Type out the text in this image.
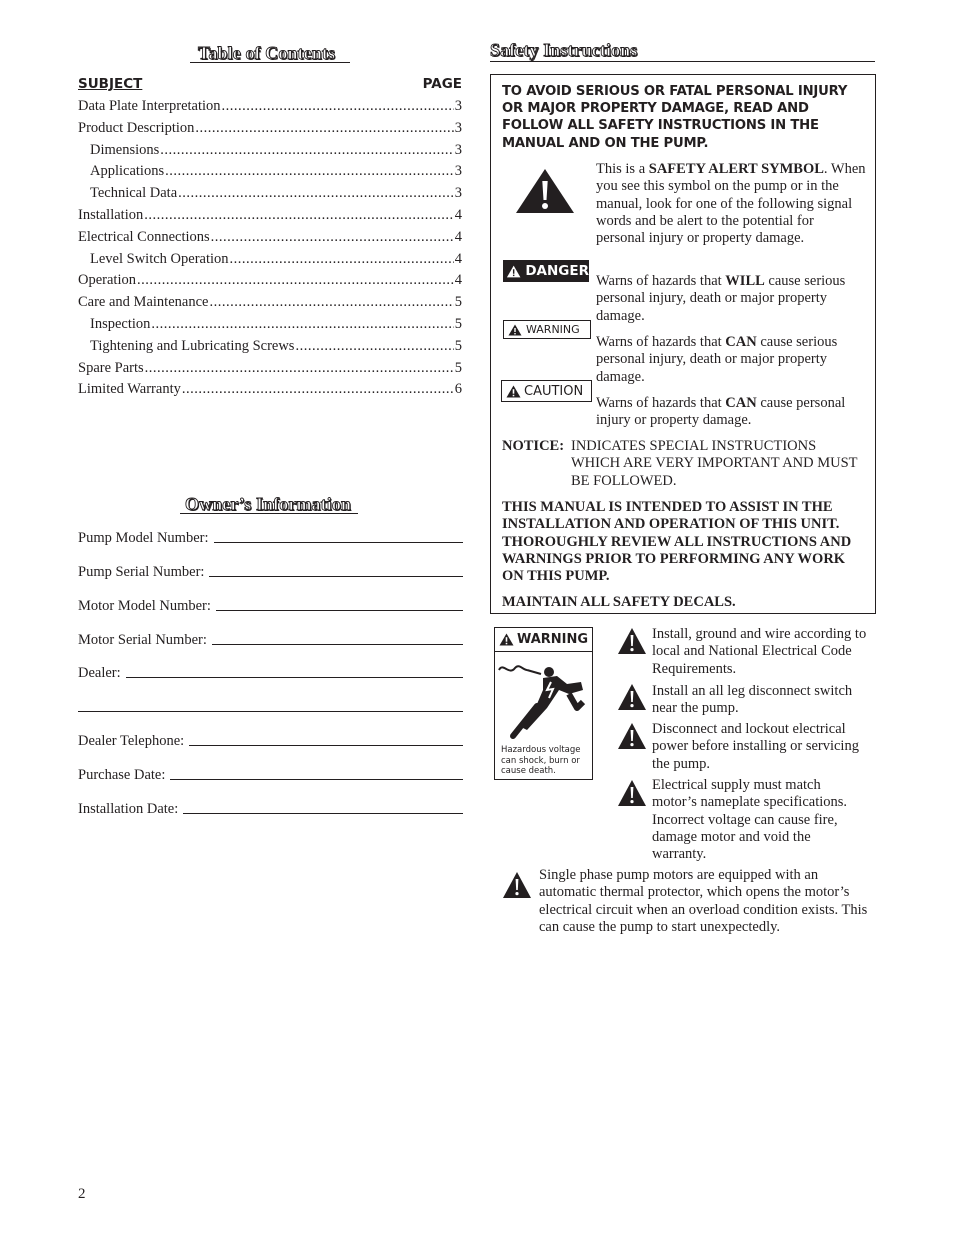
Table of Contents
SUBJECT	PAGE
Data Plate Interpretation .....	3
Product Description .....	3
Dimensions .....	3
Applications .....	3
Technical Data .....	3
Installation .....	4
Electrical Connections .....	4
Level Switch Operation .....	4
Operation .....	4
Care and Maintenance .....	5
Inspection .....	5
Tightening and Lubricating Screws .....	5
Spare Parts .....	5
Limited Warranty .....	6
Owner’s Information
Pump Model Number:
Pump Serial Number:
Motor Model Number:
Motor Serial Number:
Dealer:
Dealer Telephone:
Purchase Date:
Installation Date:
Safety Instructions
TO AVOID SERIOUS OR FATAL PERSONAL INJURY OR MAJOR PROPERTY DAMAGE, READ AND FOLLOW ALL SAFETY INSTRUCTIONS IN THE MANUAL AND ON THE PUMP.
This is a SAFETY ALERT SYMBOL. When you see this symbol on the pump or in the manual, look for one of the following signal words and be alert to the potential for personal injury or property damage.
DANGER
Warns of hazards that WILL cause serious personal injury, death or major property damage.
WARNING
Warns of hazards that CAN cause serious personal injury, death or major property damage.
CAUTION
Warns of hazards that CAN cause personal injury or property damage.
NOTICE: INDICATES SPECIAL INSTRUCTIONS WHICH ARE VERY IMPORTANT AND MUST BE FOLLOWED.
THIS MANUAL IS INTENDED TO ASSIST IN THE INSTALLATION AND OPERATION OF THIS UNIT. THOROUGHLY REVIEW ALL INSTRUCTIONS AND WARNINGS PRIOR TO PERFORMING ANY WORK ON THIS PUMP.
MAINTAIN ALL SAFETY DECALS.
WARNING
Hazardous voltage can shock, burn or cause death.
Install, ground and wire according to local and National Electrical Code Requirements.
Install an all leg disconnect switch near the pump.
Disconnect and lockout electrical power before installing or servicing the pump.
Electrical supply must match motor’s nameplate specifications. Incorrect voltage can cause fire, damage motor and void the warranty.
Single phase pump motors are equipped with an automatic thermal protector, which opens the motor’s electrical circuit when an overload condition exists. This can cause the pump to start unexpectedly.
2
